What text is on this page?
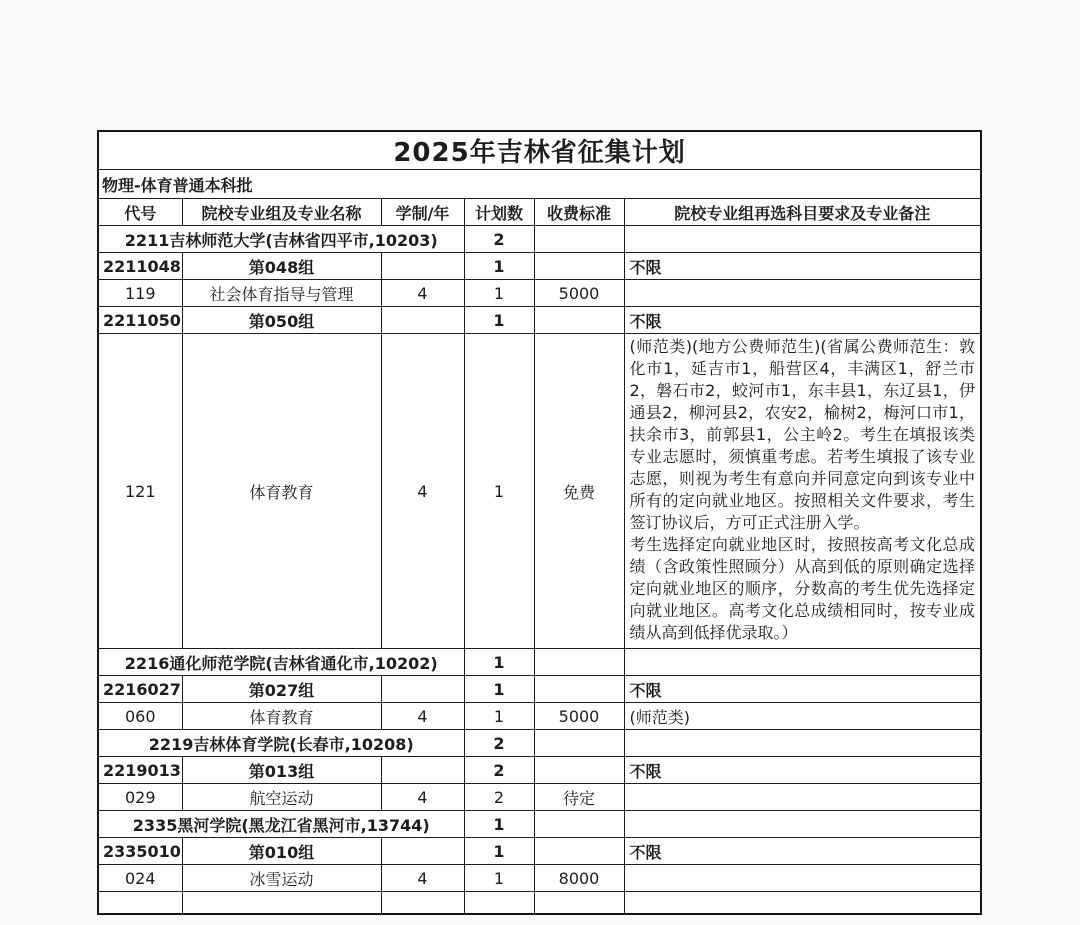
2025年吉林省征集计划					
物理-体育普通本科批					
代号	院校专业组及专业名称	学制/年	计划数	收费标准	院校专业组再选科目要求及专业备注
2211吉林师范大学(吉林省四平市,10203)			2		
2211048	第048组		1		不限
119	社会体育指导与管理	4	1	5000	
2211050	第050组		1		不限
121	体育教育	4	1	免费	(师范类)(地方公费师范生)(省属公费师范生：敦化市1，延吉市1，船营区4，丰满区1，舒兰市2，磐石市2，蛟河市1，东丰县1，东辽县1，伊通县2，柳河县2，农安2，榆树2，梅河口市1，扶余市3，前郭县1，公主岭2。考生在填报该类专业志愿时，须慎重考虑。若考生填报了该专业志愿，则视为考生有意向并同意定向到该专业中所有的定向就业地区。按照相关文件要求，考生签订协议后，方可正式注册入学。
考生选择定向就业地区时，按照按高考文化总成绩（含政策性照顾分）从高到低的原则确定选择定向就业地区的顺序，分数高的考生优先选择定向就业地区。高考文化总成绩相同时，按专业成绩从高到低择优录取。）

2216通化师范学院(吉林省通化市,10202)			1		
2216027	第027组		1		不限
060	体育教育	4	1	5000	(师范类)
2219吉林体育学院(长春市,10208)			2		
2219013	第013组		2		不限
029	航空运动	4	2	待定	
2335黑河学院(黑龙江省黑河市,13744)			1		
2335010	第010组		1		不限
024	冰雪运动	4	1	8000	
